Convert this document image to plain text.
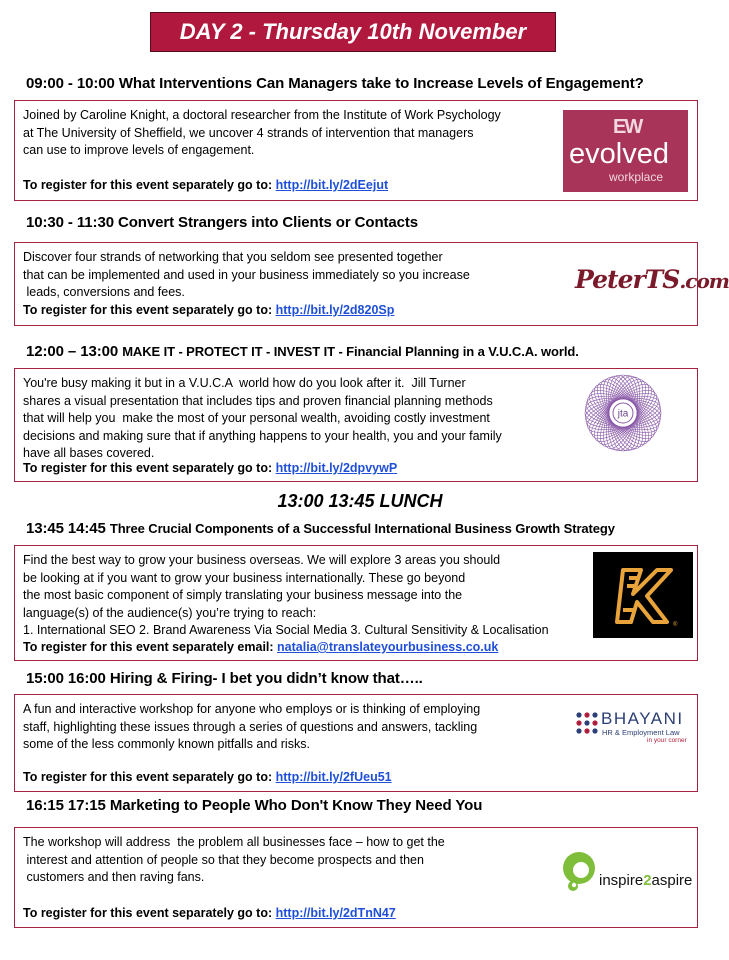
DAY 2 - Thursday 10th November
09:00 - 10:00 What Interventions Can Managers take to Increase Levels of Engagement?
Joined by Caroline Knight, a doctoral researcher from the Institute of Work Psychology
at The University of Sheffield, we uncover 4 strands of intervention that managers
can use to improve levels of engagement.
To register for this event separately go to: http://bit.ly/2dEejut
EW
evolved
workplace
10:30 - 11:30 Convert Strangers into Clients or Contacts
Discover four strands of networking that you seldom see presented together
that can be implemented and used in your business immediately so you increase
leads, conversions and fees.
To register for this event separately go to: http://bit.ly/2d820Sp
PeterTS.com
12:00 – 13:00 MAKE IT - PROTECT IT - INVEST IT - Financial Planning in a V.U.C.A. world.
You're busy making it but in a V.U.C.A  world how do you look after it.  Jill Turner
shares a visual presentation that includes tips and proven financial planning methods
that will help you  make the most of your personal wealth, avoiding costly investment
decisions and making sure that if anything happens to your health, you and your family
have all bases covered.
To register for this event separately go to: http://bit.ly/2dpvywP
jta
13:00 13:45 LUNCH
13:45 14:45 Three Crucial Components of a Successful International Business Growth Strategy
Find the best way to grow your business overseas. We will explore 3 areas you should
be looking at if you want to grow your business internationally. These go beyond
the most basic component of simply translating your business message into the
language(s) of the audience(s) you’re trying to reach:
1. International SEO 2. Brand Awareness Via Social Media 3. Cultural Sensitivity & Localisation
To register for this event separately email: natalia@translateyourbusiness.co.uk
®
15:00 16:00 Hiring & Firing- I bet you didn’t know that…..
A fun and interactive workshop for anyone who employs or is thinking of employing
staff, highlighting these issues through a series of questions and answers, tackling
some of the less commonly known pitfalls and risks.
To register for this event separately go to: http://bit.ly/2fUeu51
BHAYANI
HR & Employment Law
in your corner
16:15 17:15 Marketing to People Who Don't Know They Need You
The workshop will address  the problem all businesses face – how to get the
interest and attention of people so that they become prospects and then
customers and then raving fans.
To register for this event separately go to: http://bit.ly/2dTnN47
inspire2aspire
